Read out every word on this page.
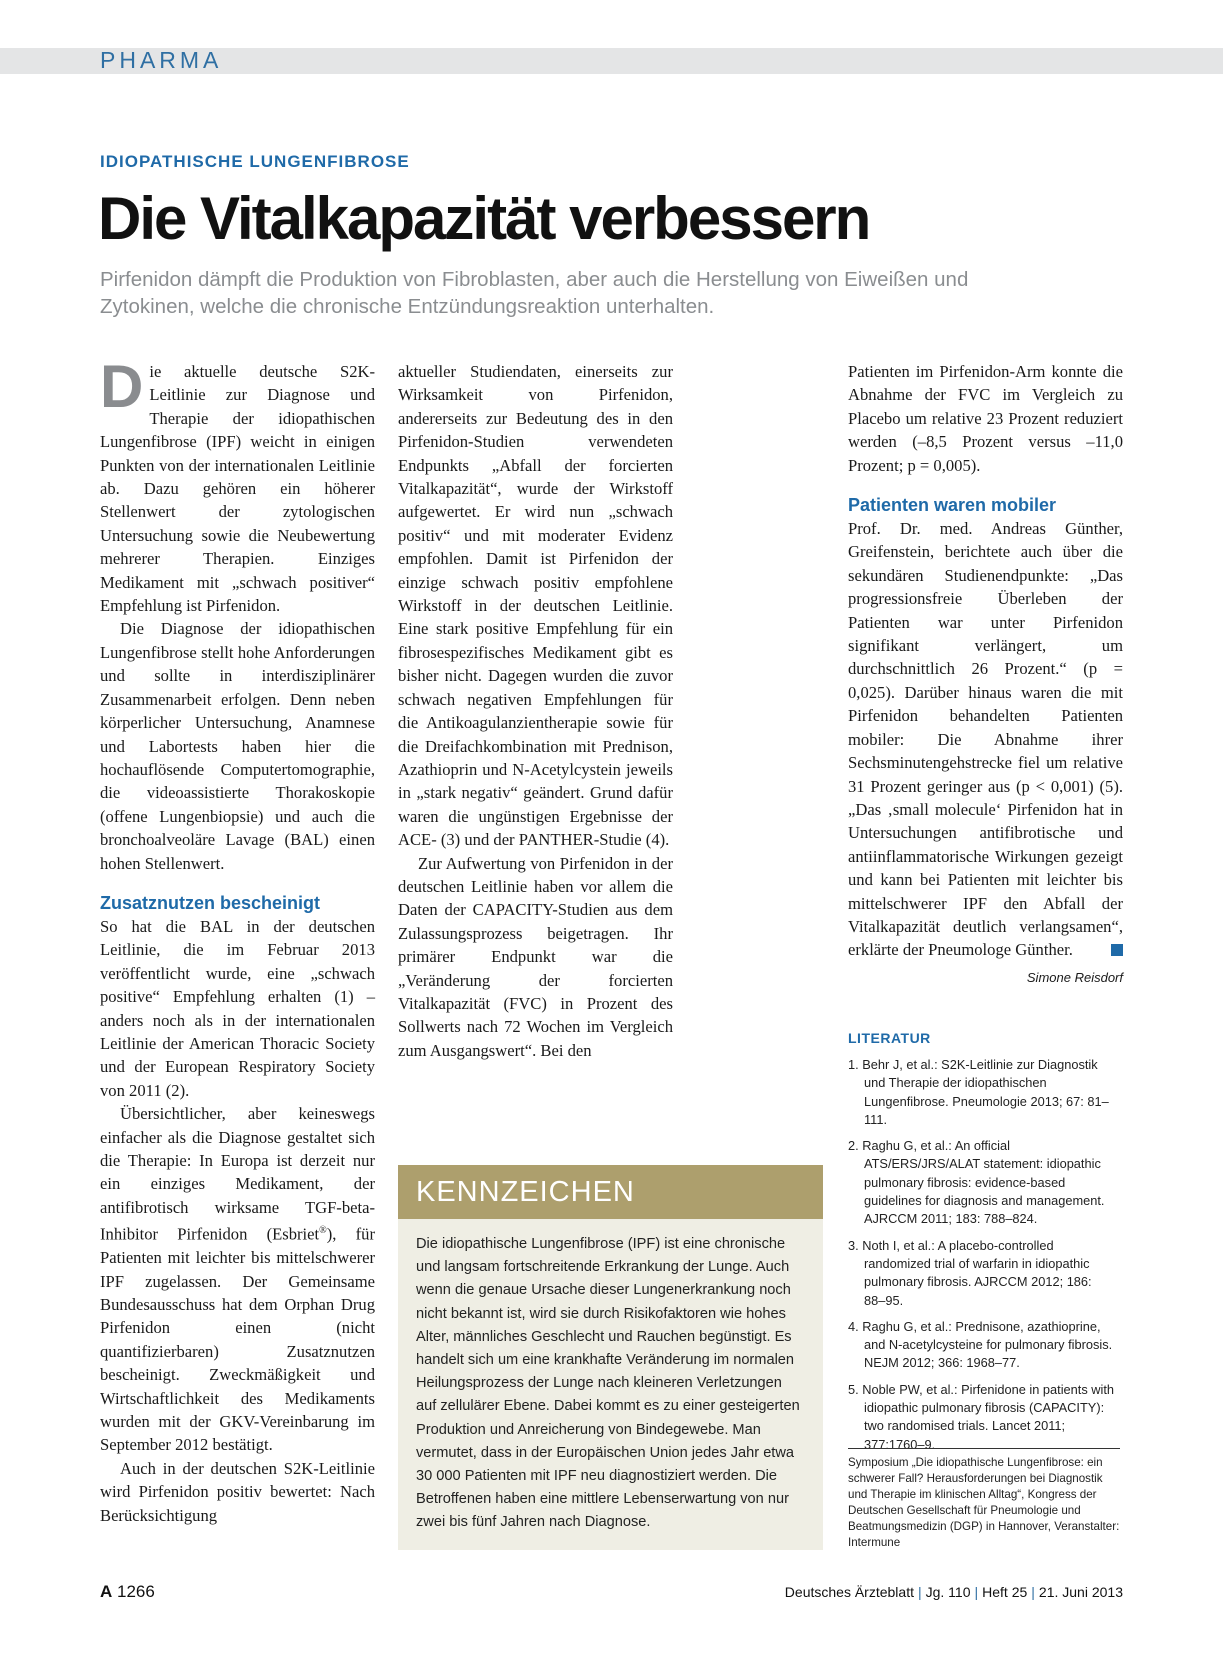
PHARMA
IDIOPATHISCHE LUNGENFIBROSE
Die Vitalkapazität verbessern

Pirfenidon dämpft die Produktion von Fibroblasten, aber auch die Herstellung von Eiweißen und Zytokinen, welche die chronische Entzündungsreaktion unterhalten.

Die aktuelle deutsche S2K-Leitlinie zur Diagnose und Therapie der idiopathischen Lungenfibrose (IPF) weicht in einigen Punkten von der internationalen Leitlinie ab. Dazu gehören ein höherer Stellenwert der zytologischen Untersuchung sowie die Neubewertung mehrerer Therapien. Einziges Medikament mit „schwach positiver“ Empfehlung ist Pirfenidon.

Die Diagnose der idiopathischen Lungenfibrose stellt hohe Anforderungen und sollte in interdisziplinärer Zusammenarbeit erfolgen. Denn neben körperlicher Untersuchung, Anamnese und Labortests haben hier die hochauflösende Computertomographie, die videoassistierte Thorakoskopie (offene Lungenbiopsie) und auch die bronchoalveoläre Lavage (BAL) einen hohen Stellenwert.

Zusatznutzen bescheinigt

So hat die BAL in der deutschen Leitlinie, die im Februar 2013 veröffentlicht wurde, eine „schwach positive“ Empfehlung erhalten (1) – anders noch als in der internationalen Leitlinie der American Thoracic Society und der European Respiratory Society von 2011 (2).

Übersichtlicher, aber keineswegs einfacher als die Diagnose gestaltet sich die Therapie: In Europa ist derzeit nur ein einziges Medikament, der antifibrotisch wirksame TGF-beta-Inhibitor Pirfenidon (Esbriet®), für Patienten mit leichter bis mittelschwerer IPF zugelassen. Der Gemeinsame Bundesausschuss hat dem Orphan Drug Pirfenidon einen (nicht quantifizierbaren) Zusatznutzen bescheinigt. Zweckmäßigkeit und Wirtschaftlichkeit des Medikaments wurden mit der GKV-Vereinbarung im September 2012 bestätigt.

Auch in der deutschen S2K-Leitlinie wird Pirfenidon positiv bewertet: Nach Berücksichtigung

aktueller Studiendaten, einerseits zur Wirksamkeit von Pirfenidon, andererseits zur Bedeutung des in den Pirfenidon-Studien verwendeten Endpunkts „Abfall der forcierten Vitalkapazität“, wurde der Wirkstoff aufgewertet. Er wird nun „schwach positiv“ und mit moderater Evidenz empfohlen. Damit ist Pirfenidon der einzige schwach positiv empfohlene Wirkstoff in der deutschen Leitlinie. Eine stark positive Empfehlung für ein fibrosespezifisches Medikament gibt es bisher nicht. Dagegen wurden die zuvor schwach negativen Empfehlungen für die Antikoagulanzientherapie sowie für die Dreifachkombination mit Prednison, Azathioprin und N-Acetylcystein jeweils in „stark negativ“ geändert. Grund dafür waren die ungünstigen Ergebnisse der ACE- (3) und der PANTHER-Studie (4).

Zur Aufwertung von Pirfenidon in der deutschen Leitlinie haben vor allem die Daten der CAPACITY-Studien aus dem Zulassungsprozess beigetragen. Ihr primärer Endpunkt war die „Veränderung der forcierten Vitalkapazität (FVC) in Prozent des Sollwerts nach 72 Wochen im Vergleich zum Ausgangswert“. Bei den

Patienten im Pirfenidon-Arm konnte die Abnahme der FVC im Vergleich zu Placebo um relative 23 Prozent reduziert werden (–8,5 Prozent versus –11,0 Prozent; p = 0,005).

Patienten waren mobiler

Prof. Dr. med. Andreas Günther, Greifenstein, berichtete auch über die sekundären Studienendpunkte: „Das progressionsfreie Überleben der Patienten war unter Pirfenidon signifikant verlängert, um durchschnittlich 26 Prozent.“ (p = 0,025). Darüber hinaus waren die mit Pirfenidon behandelten Patienten mobiler: Die Abnahme ihrer Sechsminutengehstrecke fiel um relative 31 Prozent geringer aus (p < 0,001) (5). „Das ‚small molecule‘ Pirfenidon hat in Untersuchungen antifibrotische und antiinflammatorische Wirkungen gezeigt und kann bei Patienten mit leichter bis mittelschwerer IPF den Abfall der Vitalkapazität deutlich verlangsamen“, erklärte der Pneumologe Günther.

Simone Reisdorf
KENNZEICHEN
Die idiopathische Lungenfibrose (IPF) ist eine chronische und langsam fortschreitende Erkrankung der Lunge. Auch wenn die genaue Ursache dieser Lungenerkrankung noch nicht bekannt ist, wird sie durch Risikofaktoren wie hohes Alter, männliches Geschlecht und Rauchen begünstigt. Es handelt sich um eine krankhafte Veränderung im normalen Heilungsprozess der Lunge nach kleineren Verletzungen auf zellulärer Ebene. Dabei kommt es zu einer gesteigerten Produktion und Anreicherung von Bindegewebe. Man vermutet, dass in der Europäischen Union jedes Jahr etwa 30 000 Patienten mit IPF neu diagnostiziert werden. Die Betroffenen haben eine mittlere Lebenserwartung von nur zwei bis fünf Jahren nach Diagnose.
LITERATUR
1. Behr J, et al.: S2K-Leitlinie zur Diagnostik und Therapie der idiopathischen Lungenfibrose. Pneumologie 2013; 67: 81–111.
2. Raghu G, et al.: An official ATS/ERS/JRS/ALAT statement: idiopathic pulmonary fibrosis: evidence-based guidelines for diagnosis and management. AJRCCM 2011; 183: 788–824.
3. Noth I, et al.: A placebo-controlled randomized trial of warfarin in idiopathic pulmonary fibrosis. AJRCCM 2012; 186: 88–95.
4. Raghu G, et al.: Prednisone, azathioprine, and N-acetylcysteine for pulmonary fibrosis. NEJM 2012; 366: 1968–77.
5. Noble PW, et al.: Pirfenidone in patients with idiopathic pulmonary fibrosis (CAPACITY): two randomised trials. Lancet 2011; 377:1760–9.
Symposium „Die idiopathische Lungenfibrose: ein schwerer Fall? Herausforderungen bei Diagnostik und Therapie im klinischen Alltag“, Kongress der Deutschen Gesellschaft für Pneumologie und Beatmungsmedizin (DGP) in Hannover, Veranstalter: Intermune
A 1266	Deutsches Ärzteblatt | Jg. 110 | Heft 25 | 21. Juni 2013
